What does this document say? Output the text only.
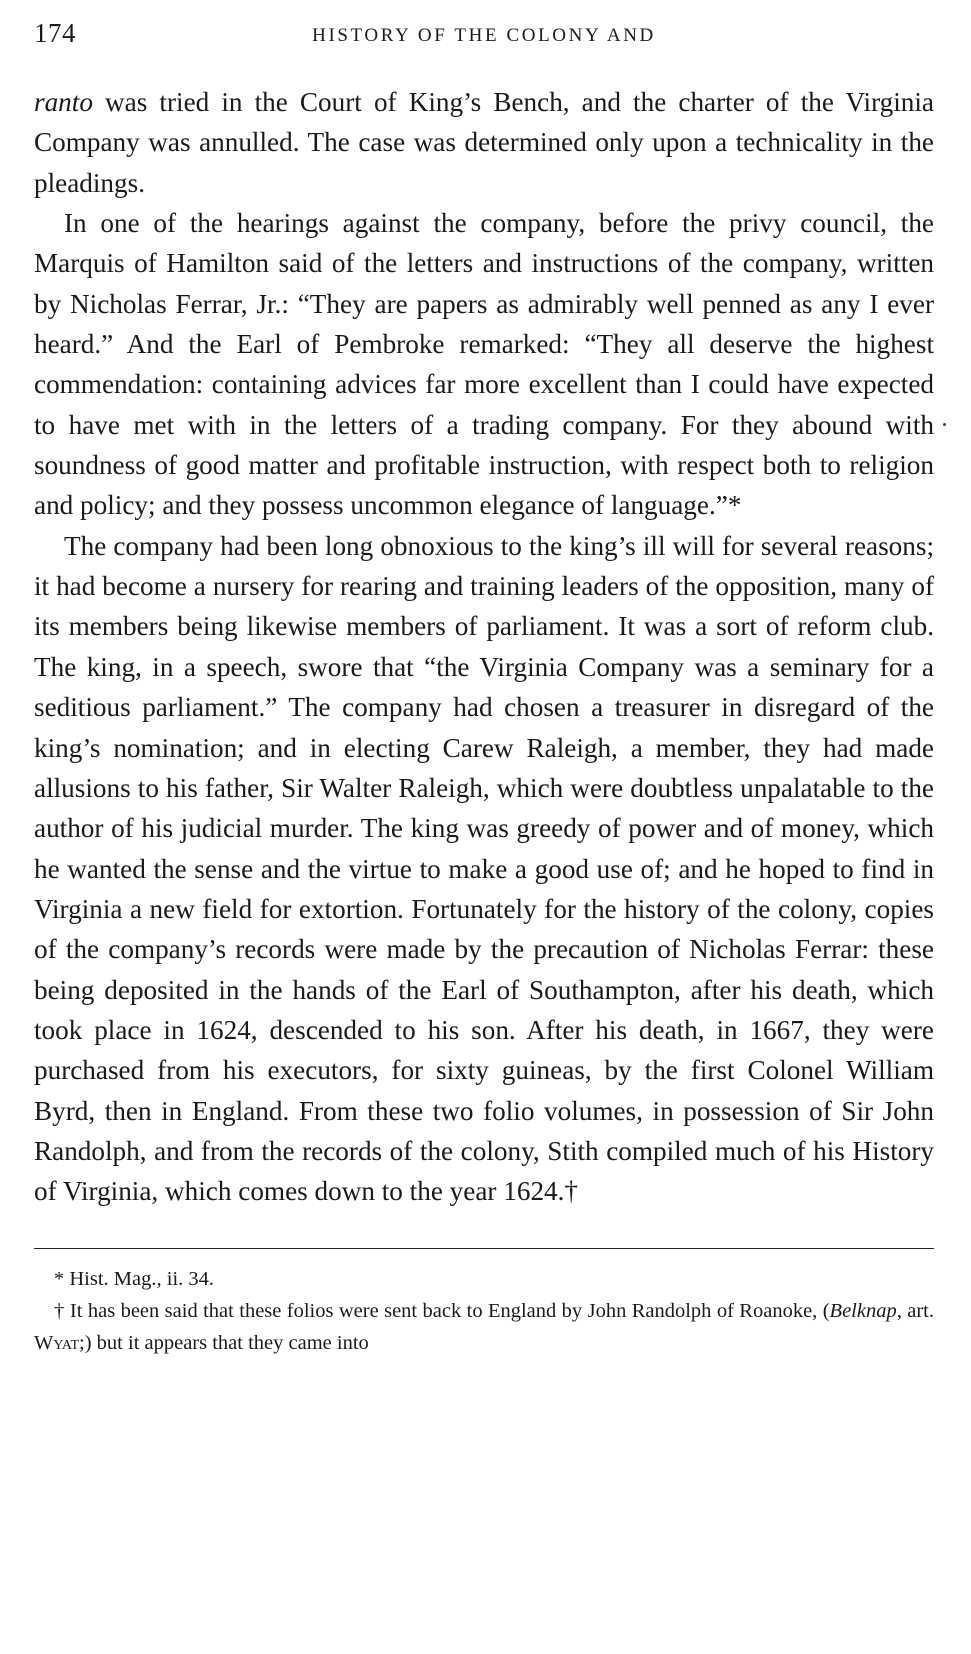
174	HISTORY OF THE COLONY AND

ranto was tried in the Court of King’s Bench, and the charter of the Virginia Company was annulled. The case was determined only upon a technicality in the pleadings.

In one of the hearings against the company, before the privy council, the Marquis of Hamilton said of the letters and instructions of the company, written by Nicholas Ferrar, Jr.: “They are papers as admirably well penned as any I ever heard.” And the Earl of Pembroke remarked: “They all deserve the highest commendation: containing advices far more excellent than I could have expected to have met with in the letters of a trading company. For they abound with soundness of good matter and profitable instruction, with respect both to religion and policy; and they possess uncommon elegance of language.”*

The company had been long obnoxious to the king’s ill will for several reasons; it had become a nursery for rearing and training leaders of the opposition, many of its members being likewise members of parliament. It was a sort of reform club. The king, in a speech, swore that “the Virginia Company was a seminary for a seditious parliament.” The company had chosen a treasurer in disregard of the king’s nomination; and in electing Carew Raleigh, a member, they had made allusions to his father, Sir Walter Raleigh, which were doubtless unpalatable to the author of his judicial murder. The king was greedy of power and of money, which he wanted the sense and the virtue to make a good use of; and he hoped to find in Virginia a new field for extortion. Fortunately for the history of the colony, copies of the company’s records were made by the precaution of Nicholas Ferrar: these being deposited in the hands of the Earl of Southampton, after his death, which took place in 1624, descended to his son. After his death, in 1667, they were purchased from his executors, for sixty guineas, by the first Colonel William Byrd, then in England. From these two folio volumes, in possession of Sir John Randolph, and from the records of the colony, Stith compiled much of his History of Virginia, which comes down to the year 1624.†

* Hist. Mag., ii. 34.

† It has been said that these folios were sent back to England by John Randolph of Roanoke, (Belknap, art. Wyat;) but it appears that they came into
